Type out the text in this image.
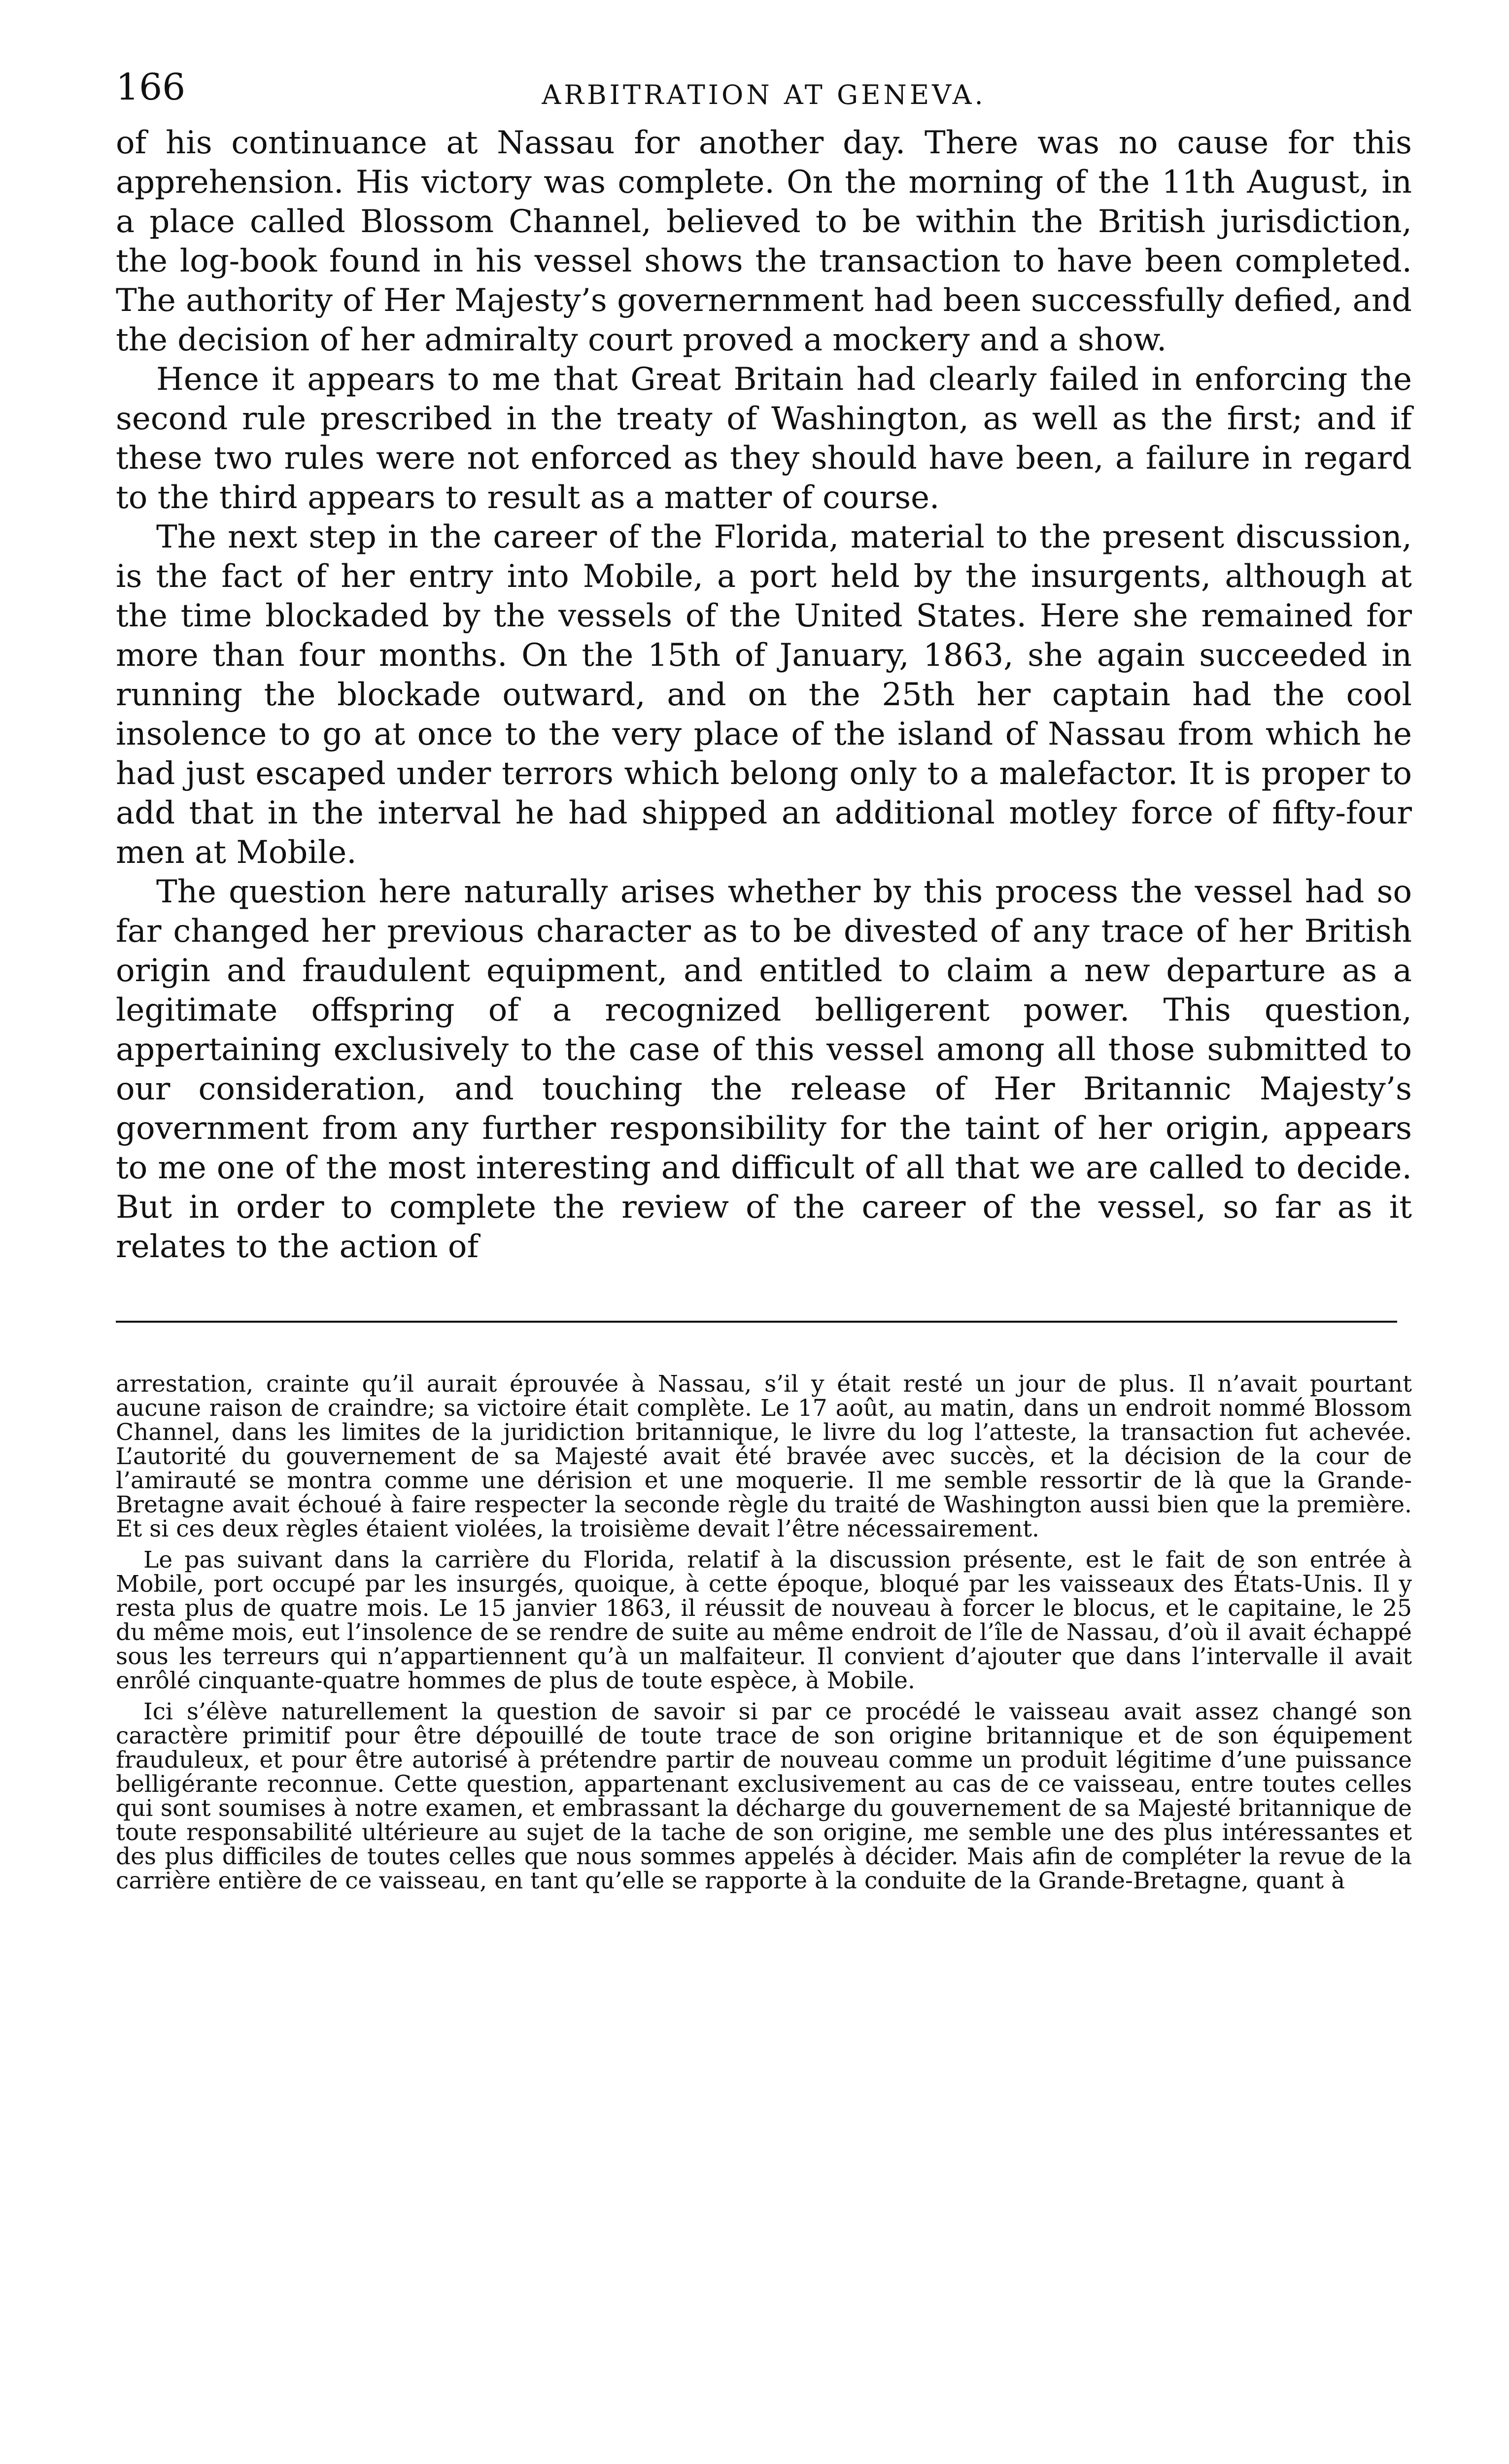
166	ARBITRATION AT GENEVA.

of his continuance at Nassau for another day. There was no cause for this apprehension. His victory was complete. On the morning of the 11th August, in a place called Blossom Channel, believed to be within the British jurisdiction, the log-book found in his vessel shows the transaction to have been completed. The authority of Her Majesty’s governernment had been successfully defied, and the decision of her admiralty court proved a mockery and a show.

Hence it appears to me that Great Britain had clearly failed in enforcing the second rule prescribed in the treaty of Washington, as well as the first; and if these two rules were not enforced as they should have been, a failure in regard to the third appears to result as a matter of course.

The next step in the career of the Florida, material to the present discussion, is the fact of her entry into Mobile, a port held by the insurgents, although at the time blockaded by the vessels of the United States. Here she remained for more than four months. On the 15th of January, 1863, she again succeeded in running the blockade outward, and on the 25th her captain had the cool insolence to go at once to the very place of the island of Nassau from which he had just escaped under terrors which belong only to a malefactor. It is proper to add that in the interval he had shipped an additional motley force of fifty-four men at Mobile.

The question here naturally arises whether by this process the vessel had so far changed her previous character as to be divested of any trace of her British origin and fraudulent equipment, and entitled to claim a new departure as a legitimate offspring of a recognized belligerent power. This question, appertaining exclusively to the case of this vessel among all those submitted to our consideration, and touching the release of Her Britannic Majesty’s government from any further responsibility for the taint of her origin, appears to me one of the most interesting and difficult of all that we are called to decide. But in order to complete the review of the career of the vessel, so far as it relates to the action of

arrestation, crainte qu’il aurait éprouvée à Nassau, s’il y était resté un jour de plus. Il n’avait pourtant aucune raison de craindre; sa victoire était complète. Le 17 août, au matin, dans un endroit nommé Blossom Channel, dans les limites de la juridiction britannique, le livre du log l’atteste, la transaction fut achevée. L’autorité du gouvernement de sa Majesté avait été bravée avec succès, et la décision de la cour de l’amirauté se montra comme une dérision et une moquerie. Il me semble ressortir de là que la Grande-Bretagne avait échoué à faire respecter la seconde règle du traité de Washington aussi bien que la première. Et si ces deux règles étaient violées, la troisième devait l’être nécessairement.

Le pas suivant dans la carrière du Florida, relatif à la discussion présente, est le fait de son entrée à Mobile, port occupé par les insurgés, quoique, à cette époque, bloqué par les vaisseaux des États-Unis. Il y resta plus de quatre mois. Le 15 janvier 1863, il réussit de nouveau à forcer le blocus, et le capitaine, le 25 du même mois, eut l’insolence de se rendre de suite au même endroit de l’île de Nassau, d’où il avait échappé sous les terreurs qui n’appartiennent qu’à un malfaiteur. Il convient d’ajouter que dans l’intervalle il avait enrôlé cinquante-quatre hommes de plus de toute espèce, à Mobile.

Ici s’élève naturellement la question de savoir si par ce procédé le vaisseau avait assez changé son caractère primitif pour être dépouillé de toute trace de son origine britannique et de son équipement frauduleux, et pour être autorisé à prétendre partir de nouveau comme un produit légitime d’une puissance belligérante reconnue. Cette question, appartenant exclusivement au cas de ce vaisseau, entre toutes celles qui sont soumises à notre examen, et embrassant la décharge du gouvernement de sa Majesté britannique de toute responsabilité ultérieure au sujet de la tache de son origine, me semble une des plus intéressantes et des plus difficiles de toutes celles que nous sommes appelés à décider. Mais afin de compléter la revue de la carrière entière de ce vaisseau, en tant qu’elle se rapporte à la conduite de la Grande-Bretagne, quant à
